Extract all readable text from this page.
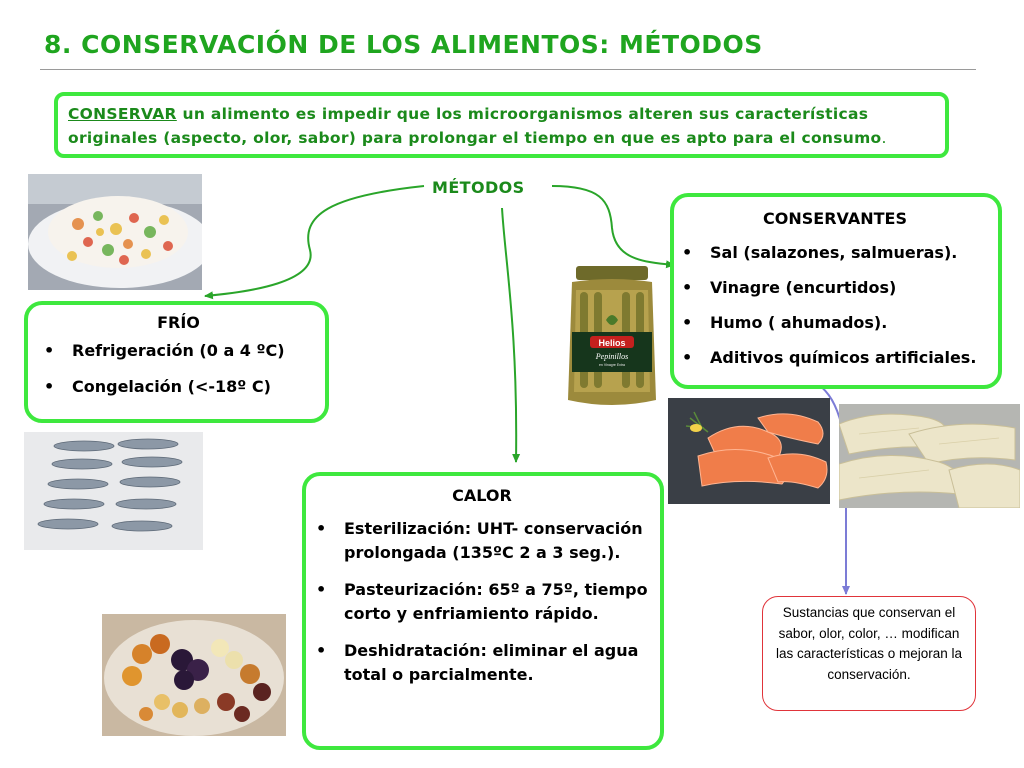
8. CONSERVACIÓN DE LOS ALIMENTOS: MÉTODOS
CONSERVAR un alimento es impedir que los microorganismos alteren sus características originales (aspecto, olor, sabor) para prolongar el tiempo en que es apto para el consumo.
MÉTODOS
FRÍO
• Refrigeración (0 a 4 ºC)
• Congelación (<-18º C)
CONSERVANTES
• Sal (salazones, salmueras).
• Vinagre (encurtidos)
• Humo ( ahumados).
• Aditivos químicos artificiales.
CALOR
• Esterilización: UHT- conservación prolongada (135ºC 2 a 3 seg.).
• Pasteurización: 65º a 75º, tiempo corto y enfriamiento rápido.
• Deshidratación: eliminar el agua total o parcialmente.
Sustancias que conservan el sabor, olor, color, … modifican las características o mejoran la conservación.
Helios
Pepinillos
en Vinagre Extra
